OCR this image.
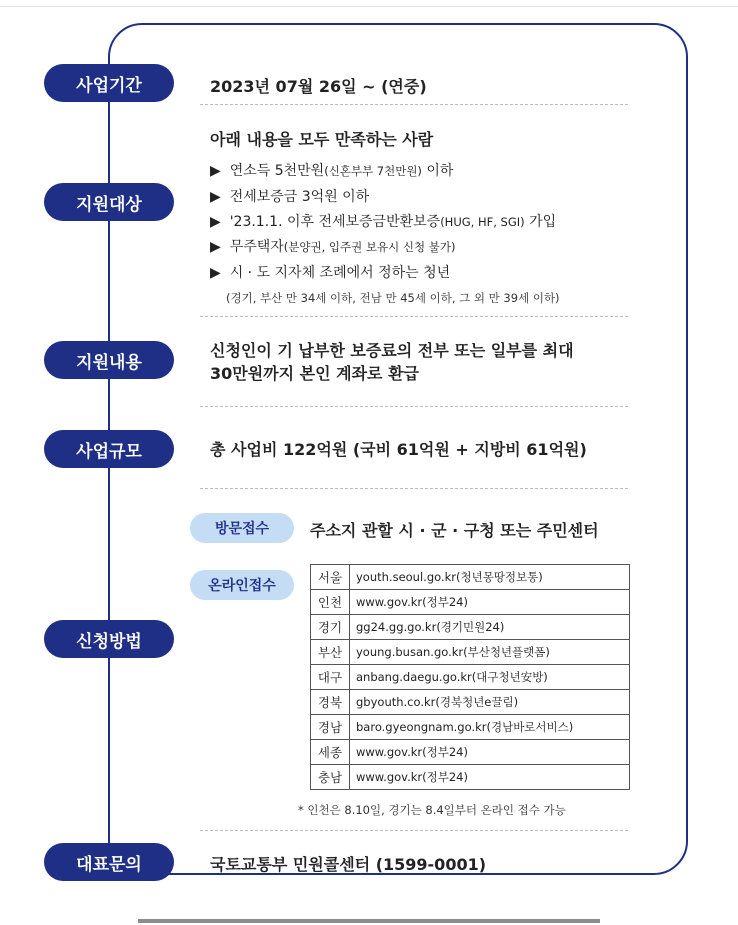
사업기간	2023년 07월 26일 ~ (연중)
지원대상
아래 내용을 모두 만족하는 사람
▶ 연소득 5천만원(신혼부부 7천만원) 이하
▶ 전세보증금 3억원 이하
▶ '23.1.1. 이후 전세보증금반환보증(HUG, HF, SGI) 가입
▶ 무주택자(분양권, 입주권 보유시 신청 불가)
▶ 시 · 도 지자체 조례에서 정하는 청년
(경기, 부산 만 34세 이하, 전남 만 45세 이하, 그 외 만 39세 이하)
지원내용
신청인이 기 납부한 보증료의 전부 또는 일부를 최대
30만원까지 본인 계좌로 환급
사업규모	총 사업비 122억원 (국비 61억원 + 지방비 61억원)
신청방법
방문접수	주소지 관할 시 · 군 · 구청 또는 주민센터
온라인접수
서울	youth.seoul.go.kr(청년몽땅정보통)
인천	www.gov.kr(정부24)
경기	gg24.gg.go.kr(경기민원24)
부산	young.busan.go.kr(부산청년플랫폼)
대구	anbang.daegu.go.kr(대구청년安방)
경북	gbyouth.co.kr(경북청년e끌림)
경남	baro.gyeongnam.go.kr(경남바로서비스)
세종	www.gov.kr(정부24)
충남	www.gov.kr(정부24)
* 인천은 8.10일, 경기는 8.4일부터 온라인 접수 가능
대표문의	국토교통부 민원콜센터 (1599-0001)
